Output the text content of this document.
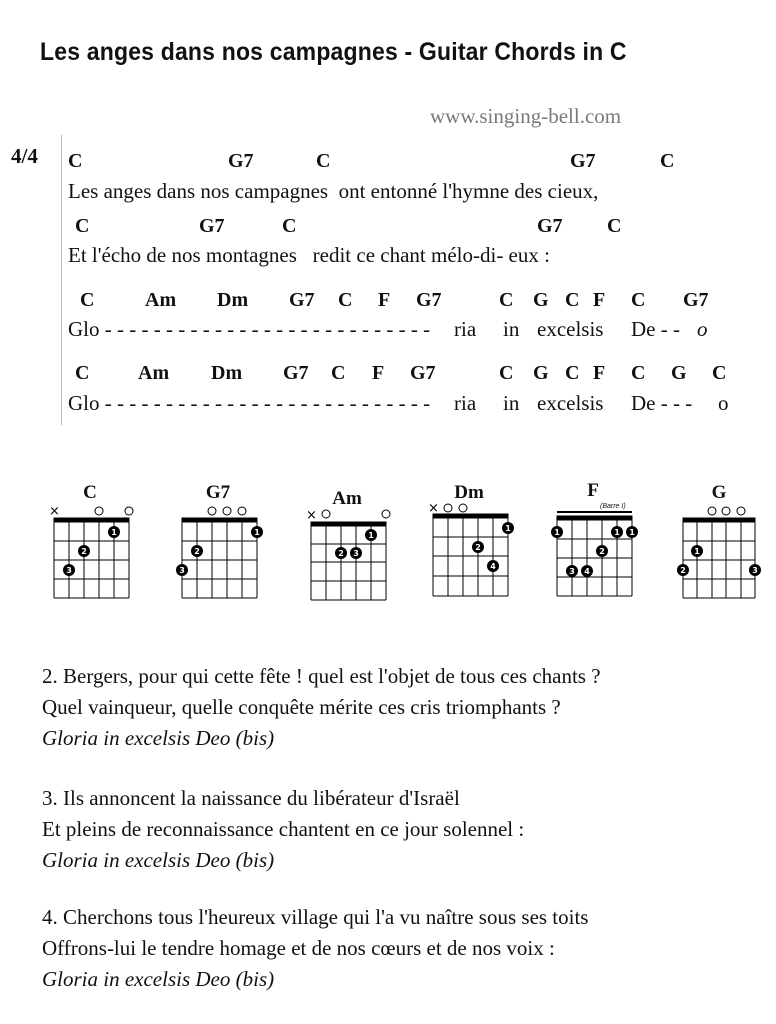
Les anges dans nos campagnes - Guitar Chords in C
www.singing-bell.com
4/4 C	G7	C	G7	C
Les anges dans nos campagnes  ont entonné l'hymne des cieux,
C	G7	C	G7 C
Et l'écho de nos montagnes   redit ce chant mélo-di- eux :
C	Am Dm G7 C F G7	C G C F C G7
Glo - - - - - - - - - - - - - - - - - - - - - - - - - - - ria in excelsis De - - o
C Am Dm G7 C F G7	C G C F C G C
Glo - - - - - - - - - - - - - - - - - - - - - - - - - - - ria in excelsis De - - - o
C
×
1
2
3
G7
1
2
3
Am
×
1
2 3
Dm
×
1
2
4
F
(Barre I)
1	1 1
2
3 4
G
1
2	3
2. Bergers, pour qui cette fête ! quel est l'objet de tous ces chants ?
Quel vainqueur, quelle conquête mérite ces cris triomphants ?
Gloria in excelsis Deo (bis)
3. Ils annoncent la naissance du libérateur d'Israël
Et pleins de reconnaissance chantent en ce jour solennel :
Gloria in excelsis Deo (bis)
4. Cherchons tous l'heureux village qui l'a vu naître sous ses toits
Offrons-lui le tendre homage et de nos cœurs et de nos voix :
Gloria in excelsis Deo (bis)
